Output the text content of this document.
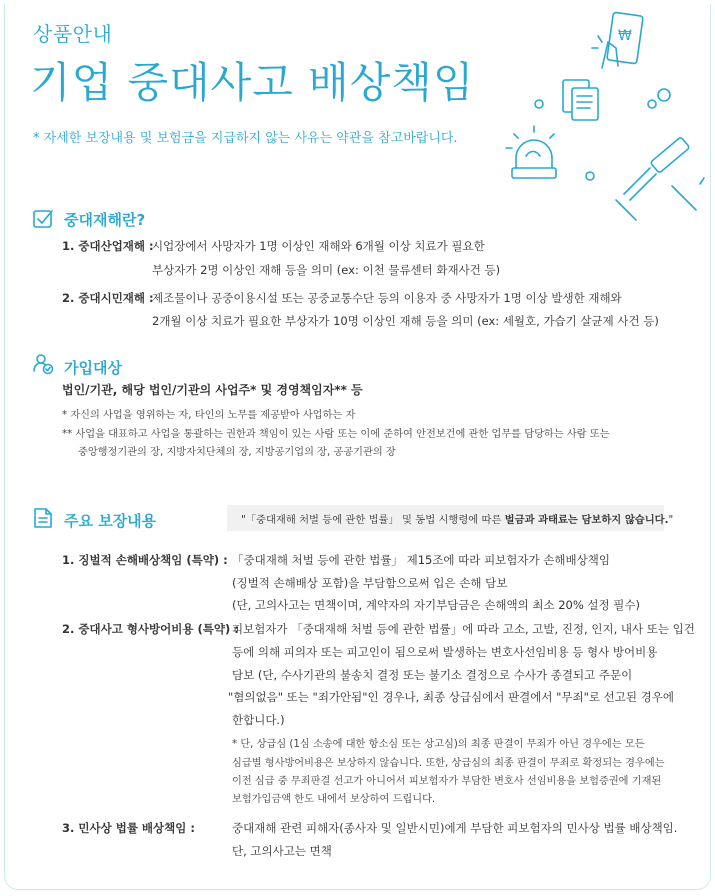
상품안내
기업 중대사고 배상책임
* 자세한 보장내용 및 보험금을 지급하지 않는 사유는 약관을 참고바랍니다.
₩
중대재해란?
1. 중대산업재해 :
시업장에서 사망자가 1명 이상인 재해와 6개월 이상 치료가 필요한
부상자가 2명 이상인 재해 등을 의미 (ex: 이천 물류센터 화재사건 등)
2. 중대시민재해 :
제조물이나 공중이용시설 또는 공중교통수단 등의 이용자 중 사망자가 1명 이상 발생한 재해와
2개월 이상 치료가 필요한 부상자가 10명 이상인 재해 등을 의미 (ex: 세월호, 가습기 살균제 사건 등)
가입대상
법인/기관, 해당 법인/기관의 사업주* 및 경영책임자** 등
* 자신의 사업을 영위하는 자, 타인의 노무를 제공받아 사업하는 자
** 사업을 대표하고 사업을 통괄하는 권한과 책임이 있는 사람 또는 이에 준하여 안전보건에 관한 업무를 담당하는 사람 또는
중앙행정기관의 장, 지방자치단체의 장, 지방공기업의 장, 공공기관의 장
주요 보장내용	"「중대재해 처벌 등에 관한 법률」 및 동법 시행령에 따른 벌금과 과태료는 담보하지 않습니다."
1. 징벌적 손해배상책임 (특약) : 「중대재해 처벌 등에 관한 법률」 제15조에 따라 피보험자가 손해배상책임
(징벌적 손해배상 포함)을 부담함으로써 입은 손해 담보
(단, 고의사고는 면책이며, 계약자의 자기부담금은 손해액의 최소 20% 설정 필수)
2. 중대사고 형사방어비용 (특약) :
피보험자가 「중대재해 처벌 등에 관한 법률」에 따라 고소, 고발, 진정, 인지, 내사 또는 입건
등에 의해 피의자 또는 피고인이 됨으로써 발생하는 변호사선임비용 등 형사 방어비용
담보 (단, 수사기관의 불송치 결정 또는 불기소 결정으로 수사가 종결되고 주문이
"혐의없음" 또는 "죄가안됨"인 경우나, 최종 상급심에서 판결에서 "무죄"로 선고된 경우에
한합니다.)
* 단, 상급심 (1심 소송에 대한 항소심 또는 상고심)의 최종 판결이 무죄가 아닌 경우에는 모든
심급별 형사방어비용은 보상하지 않습니다. 또한, 상급심의 최종 판결이 무죄로 확정되는 경우에는
이전 심급 중 무죄판결 선고가 아니어서 피보험자가 부담한 변호사 선임비용을 보험증권에 기재된
보험가입금액 한도 내에서 보상하여 드립니다.
3. 민사상 법률 배상책임 :	중대재해 관련 피해자(종사자 및 일반시민)에게 부담한 피보험자의 민사상 법률 배상책임.
단, 고의사고는 면책
